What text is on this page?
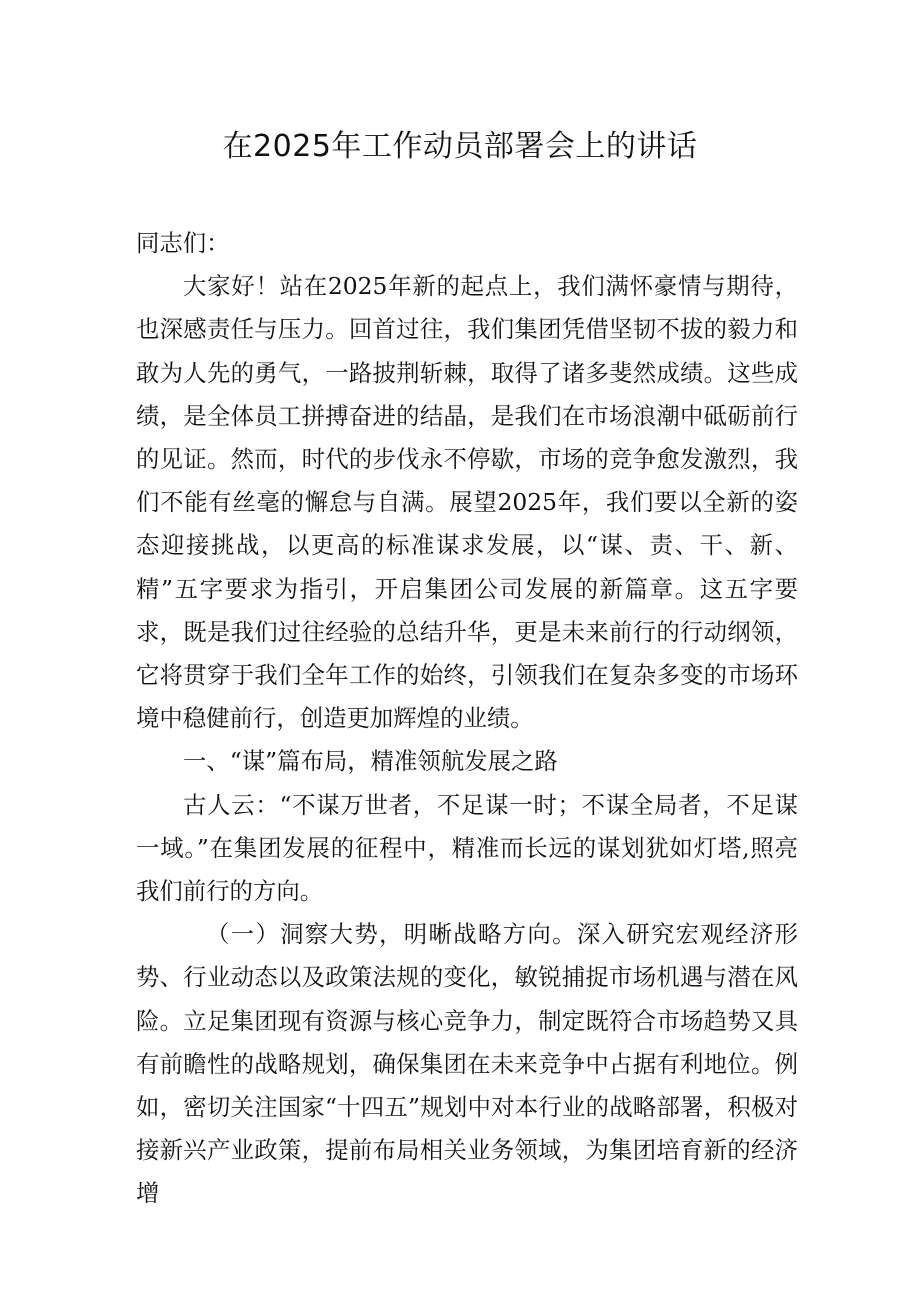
在2025年工作动员部署会上的讲话

同志们：

大家好！站在2025年新的起点上，我们满怀豪情与期待，也深感责任与压力。回首过往，我们集团凭借坚韧不拔的毅力和敢为人先的勇气，一路披荆斩棘，取得了诸多斐然成绩。这些成绩，是全体员工拼搏奋进的结晶，是我们在市场浪潮中砥砺前行的见证。然而，时代的步伐永不停歇，市场的竞争愈发激烈，我们不能有丝毫的懈怠与自满。展望2025年，我们要以全新的姿态迎接挑战，以更高的标准谋求发展，以“谋、责、干、新、精”五字要求为指引，开启集团公司发展的新篇章。这五字要求，既是我们过往经验的总结升华，更是未来前行的行动纲领，它将贯穿于我们全年工作的始终，引领我们在复杂多变的市场环境中稳健前行，创造更加辉煌的业绩。

一、“谋”篇布局，精准领航发展之路

古人云：“不谋万世者，不足谋一时；不谋全局者，不足谋一域。”在集团发展的征程中，精准而长远的谋划犹如灯塔,照亮我们前行的方向。

（一）洞察大势，明晰战略方向。深入研究宏观经济形势、行业动态以及政策法规的变化，敏锐捕捉市场机遇与潜在风险。立足集团现有资源与核心竞争力，制定既符合市场趋势又具有前瞻性的战略规划，确保集团在未来竞争中占据有利地位。例如，密切关注国家“十四五”规划中对本行业的战略部署，积极对接新兴产业政策，提前布局相关业务领域，为集团培育新的经济增
